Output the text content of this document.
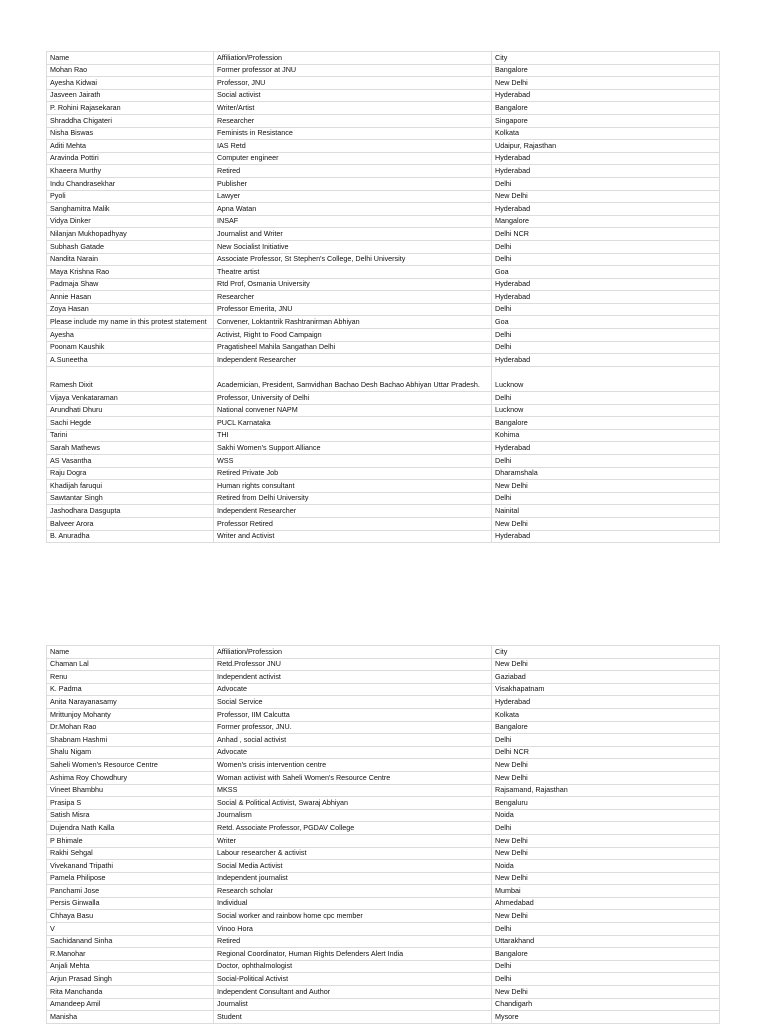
Name	Affiliation/Profession	City
Mohan Rao	Former professor at JNU	Bangalore
Ayesha Kidwai	Professor, JNU	New Delhi
Jasveen Jairath	Social activist	Hyderabad
P. Rohini Rajasekaran	Writer/Artist	Bangalore
Shraddha Chigateri	Researcher	Singapore
Nisha Biswas	Feminists in Resistance	Kolkata
Aditi Mehta	IAS Retd	Udaipur, Rajasthan
Aravinda Pottiri	Computer engineer	Hyderabad
Khaeera Murthy	Retired	Hyderabad
Indu Chandrasekhar	Publisher	Delhi
Pyoli	Lawyer	New Delhi
Sanghamitra Malik	Apna Watan	Hyderabad
Vidya Dinker	INSAF	Mangalore
Nilanjan Mukhopadhyay	Journalist and Writer	Delhi NCR
Subhash Gatade	New Socialist Initiative	Delhi
Nandita Narain	Associate Professor, St Stephen's College, Delhi University	Delhi
Maya Krishna Rao	Theatre artist	Goa
Padmaja Shaw	Rtd Prof, Osmania University	Hyderabad
Annie Hasan	Researcher	Hyderabad
Zoya Hasan	Professor Emerita, JNU	Delhi
Please include my name in this protest statement	Convener, Loktantrik Rashtranirman Abhiyan	Goa
Ayesha	Activist, Right to Food Campaign	Delhi
Poonam Kaushik	Pragatisheel Mahila Sangathan Delhi	Delhi
A.Suneetha	Independent Researcher	Hyderabad
Ramesh Dixit	Academician, President, Samvidhan Bachao Desh Bachao Abhiyan Uttar Pradesh.	Lucknow
Vijaya Venkataraman	Professor, University of Delhi	Delhi
Arundhati Dhuru	National convener NAPM	Lucknow
Sachi Hegde	PUCL Karnataka	Bangalore
Tarini	THI	Kohima
Sarah Mathews	Sakhi Women's Support Alliance	Hyderabad
AS Vasantha	WSS	Delhi
Raju Dogra	Retired Private Job	Dharamshala
Khadijah faruqui	Human rights consultant	New Delhi
Sawtantar Singh	Retired from Delhi University	Delhi
Jashodhara Dasgupta	Independent Researcher	Nainital
Balveer Arora	Professor Retired	New Delhi
B. Anuradha	Writer and Activist	Hyderabad
Name	Affiliation/Profession	City
Chaman Lal	Retd.Professor JNU	New Delhi
Renu	Independent activist	Gaziabad
K. Padma	Advocate	Visakhapatnam
Anita Narayanasamy	Social Service	Hyderabad
Mrittunjoy Mohanty	Professor, IIM Calcutta	Kolkata
Dr.Mohan Rao	Former professor, JNU.	Bangalore
Shabnam Hashmi	Anhad , social activist	Delhi
Shalu Nigam	Advocate	Delhi NCR
Saheli Women's Resource Centre	Women's crisis intervention centre	New Delhi
Ashima Roy Chowdhury	Woman activist with Saheli Women's Resource Centre	New Delhi
Vineet Bhambhu	MKSS	Rajsamand, Rajasthan
Prasipa S	Social & Political Activist, Swaraj Abhiyan	Bengaluru
Satish Misra	Journalism	Noida
Dujendra Nath Kalla	Retd. Associate Professor, PGDAV College	Delhi
P Bhimale	Writer	New Delhi
Rakhi Sehgal	Labour researcher & activist	New Delhi
Vivekanand Tripathi	Social Media Activist	Noida
Pamela Philipose	Independent journalist	New Delhi
Panchami Jose	Research scholar	Mumbai
Persis Ginwalla	Individual	Ahmedabad
Chhaya Basu	Social worker and rainbow home cpc member	New Delhi
V	Vinoo Hora	Delhi
Sachidanand Sinha	Retired	Uttarakhand
R.Manohar	Regional Coordinator, Human Rights Defenders Alert India	Bangalore
Anjali Mehta	Doctor, ophthalmologist	Delhi
Arjun Prasad Singh	Social-Political Activist	Delhi
Rita Manchanda	Independent Consultant and Author	New Delhi
Amandeep Amil	Journalist	Chandigarh
Manisha	Student	Mysore
